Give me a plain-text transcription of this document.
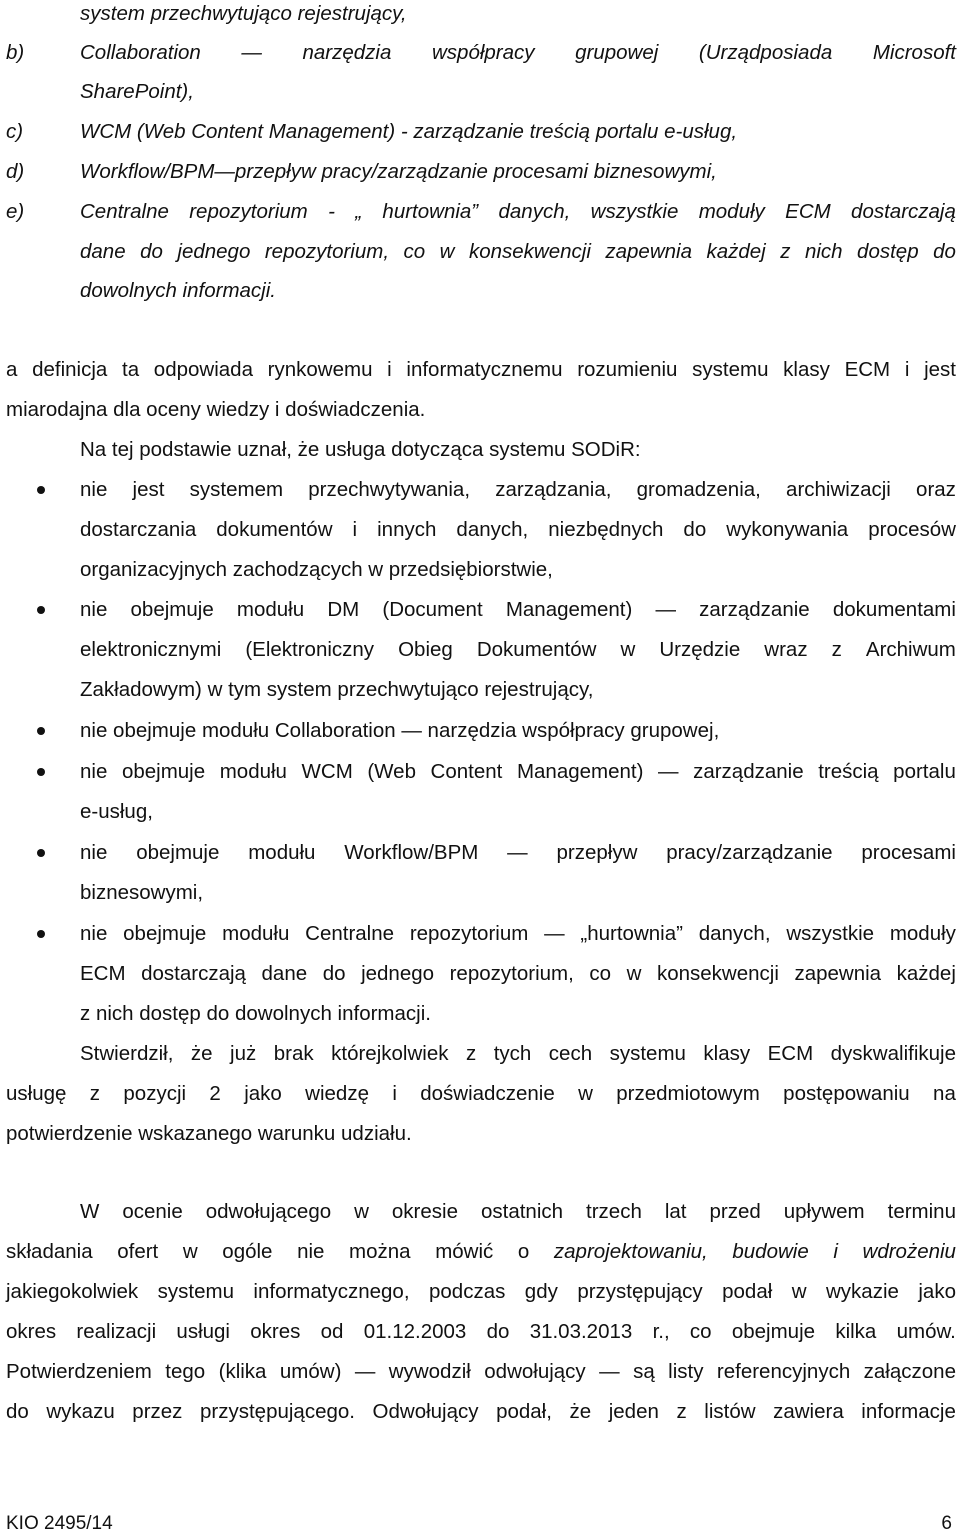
system przechwytująco rejestrujący,
b)	Collaboration — narzędzia współpracy grupowej (Urządposiada Microsoft
SharePoint),
c)	WCM (Web Content Management) - zarządzanie treścią portalu e-usług,
d)	Workflow/BPM—przepływ pracy/zarządzanie procesami biznesowymi,
e)	Centralne repozytorium - „ hurtownia” danych, wszystkie moduły ECM dostarczają
dane do jednego repozytorium, co w konsekwencji zapewnia każdej z nich dostęp do
dowolnych informacji.
a definicja ta odpowiada rynkowemu i informatycznemu rozumieniu systemu klasy ECM i jest
miarodajna dla oceny wiedzy i doświadczenia.
Na tej podstawie uznał, że usługa dotycząca systemu SODiR:
nie jest systemem przechwytywania, zarządzania, gromadzenia, archiwizacji oraz
dostarczania dokumentów i innych danych, niezbędnych do wykonywania procesów
organizacyjnych zachodzących w przedsiębiorstwie,
nie obejmuje modułu DM (Document Management) — zarządzanie dokumentami
elektronicznymi (Elektroniczny Obieg Dokumentów w Urzędzie wraz z Archiwum
Zakładowym) w tym system przechwytująco rejestrujący,
nie obejmuje modułu Collaboration — narzędzia współpracy grupowej,
nie obejmuje modułu WCM (Web Content Management) — zarządzanie treścią portalu
e-usług,
nie obejmuje modułu Workflow/BPM — przepływ pracy/zarządzanie procesami
biznesowymi,
nie obejmuje modułu Centralne repozytorium — „hurtownia” danych, wszystkie moduły
ECM dostarczają dane do jednego repozytorium, co w konsekwencji zapewnia każdej
z nich dostęp do dowolnych informacji.
Stwierdził, że już brak którejkolwiek z tych cech systemu klasy ECM dyskwalifikuje
usługę z pozycji 2 jako wiedzę i doświadczenie w przedmiotowym postępowaniu na
potwierdzenie wskazanego warunku udziału.
W ocenie odwołującego w okresie ostatnich trzech lat przed upływem terminu
składania ofert w ogóle nie można mówić o zaprojektowaniu, budowie i wdrożeniu
jakiegokolwiek systemu informatycznego, podczas gdy przystępujący podał w wykazie jako
okres realizacji usługi okres od 01.12.2003 do 31.03.2013 r., co obejmuje kilka umów.
Potwierdzeniem tego (klika umów) — wywodził odwołujący — są listy referencyjnych załączone
do wykazu przez przystępującego. Odwołujący podał, że jeden z listów zawiera informacje
KIO 2495/14	6
